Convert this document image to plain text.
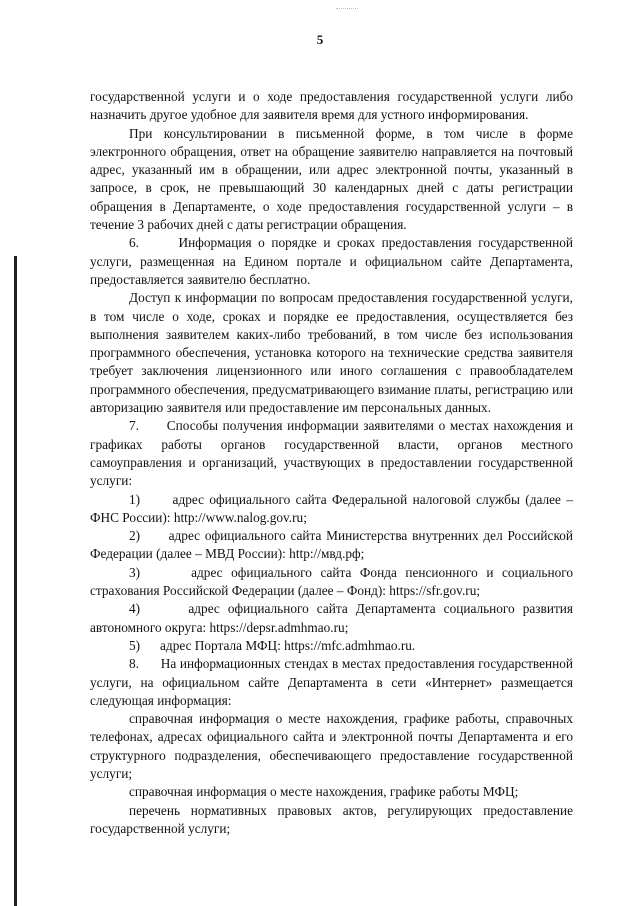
5

государственной услуги и о ходе предоставления государственной услуги либо назначить другое удобное для заявителя время для устного информирования.

При консультировании в письменной форме, в том числе в форме электронного обращения, ответ на обращение заявителю направляется на почтовый адрес, указанный им в обращении, или адрес электронной почты, указанный в запросе, в срок, не превышающий 30 календарных дней с даты регистрации обращения в Департаменте, о ходе предоставления государственной услуги – в течение 3 рабочих дней с даты регистрации обращения.

6.      Информация о порядке и сроках предоставления государственной услуги, размещенная на Едином портале и официальном сайте Департамента, предоставляется заявителю бесплатно.

Доступ к информации по вопросам предоставления государственной услуги, в том числе о ходе, сроках и порядке ее предоставления, осуществляется без выполнения заявителем каких-либо требований, в том числе без использования программного обеспечения, установка которого на технические средства заявителя требует заключения лицензионного или иного соглашения с правообладателем программного обеспечения, предусматривающего взимание платы, регистрацию или авторизацию заявителя или предоставление им персональных данных.

7.      Способы получения информации заявителями о местах нахождения и графиках работы органов государственной власти, органов местного самоуправления и организаций, участвующих в предоставлении государственной услуги:

1)      адрес официального сайта Федеральной налоговой службы (далее – ФНС России): http://www.nalog.gov.ru;

2)      адрес официального сайта Министерства внутренних дел Российской Федерации (далее – МВД России): http://мвд.рф;

3)      адрес официального сайта Фонда пенсионного и социального страхования Российской Федерации (далее – Фонд): https://sfr.gov.ru;

4)      адрес официального сайта Департамента социального развития автономного округа: https://depsr.admhmao.ru;

5)      адрес Портала МФЦ: https://mfc.admhmao.ru.

8.      На информационных стендах в местах предоставления государственной услуги, на официальном сайте Департамента в сети «Интернет» размещается следующая информация:

справочная информация о месте нахождения, графике работы, справочных телефонах, адресах официального сайта и электронной почты Департамента и его структурного подразделения, обеспечивающего предоставление государственной услуги;

справочная информация о месте нахождения, графике работы МФЦ;

перечень нормативных правовых актов, регулирующих предоставление государственной услуги;
